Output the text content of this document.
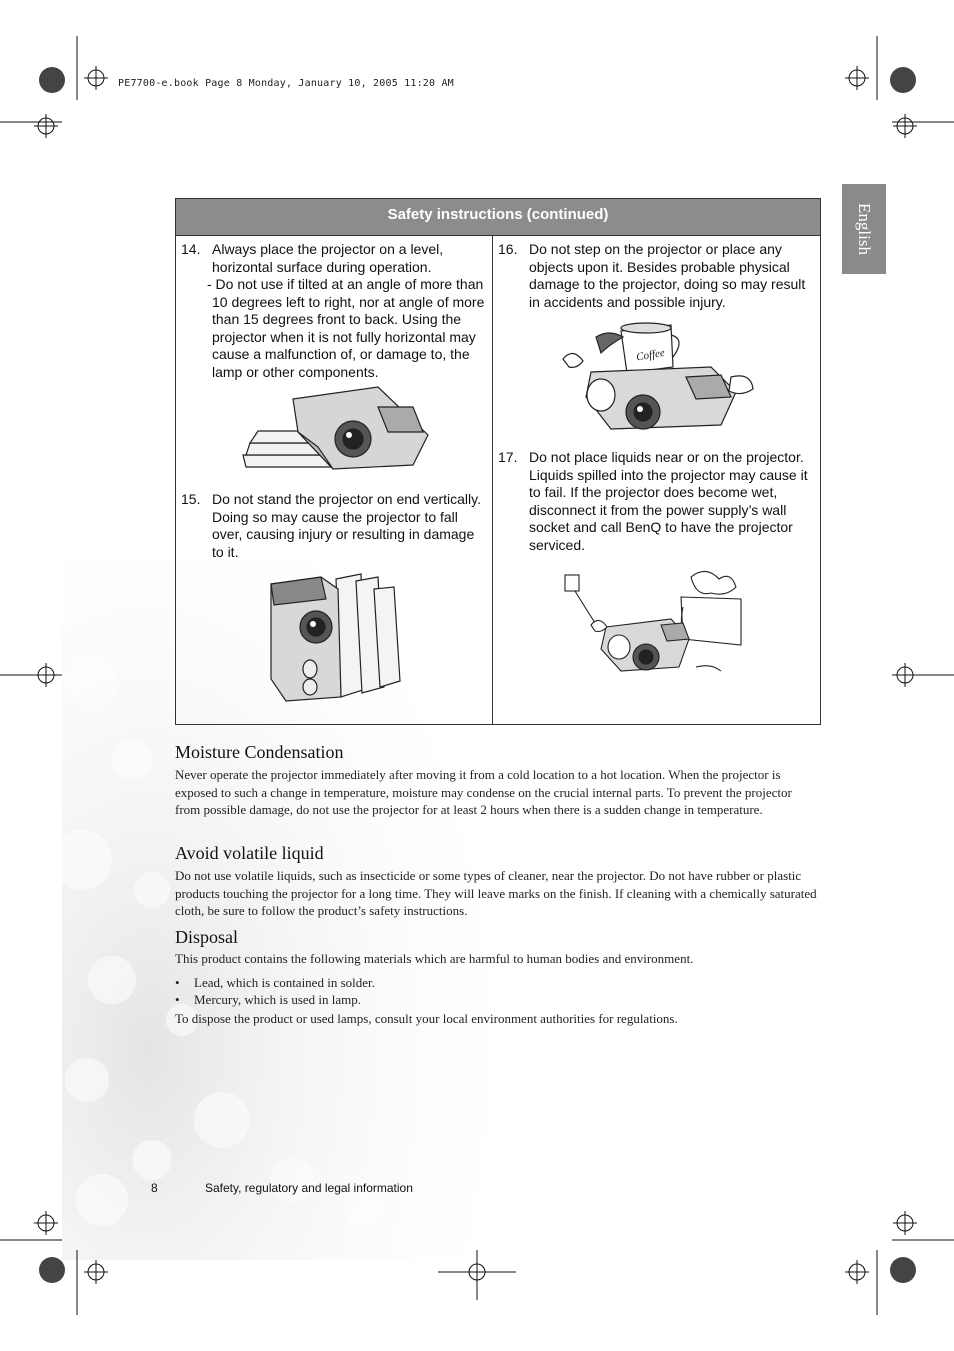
PE7700-e.book Page 8 Monday, January 10, 2005 11:20 AM
English
Safety instructions (continued)
14. Always place the projector on a level, horizontal surface during operation.
- Do not use if tilted at an angle of more than 10 degrees left to right, nor at angle of more than 15 degrees front to back. Using the projector when it is not fully horizontal may cause a malfunction of, or damage to, the lamp or other components.
15. Do not stand the projector on end vertically. Doing so may cause the projector to fall over, causing injury or resulting in damage to it.
16. Do not step on the projector or place any objects upon it. Besides probable physical damage to the projector, doing so may result in accidents and possible injury.
Coffee
17. Do not place liquids near or on the projector. Liquids spilled into the projector may cause it to fail. If the projector does become wet, disconnect it from the power supply’s wall socket and call BenQ to have the projector serviced.
Moisture Condensation

Never operate the projector immediately after moving it from a cold location to a hot location. When the projector is exposed to such a change in temperature, moisture may condense on the crucial internal parts. To prevent the projector from possible damage, do not use the projector for at least 2 hours when there is a sudden change in temperature.

Avoid volatile liquid

Do not use volatile liquids, such as insecticide or some types of cleaner, near the projector. Do not have rubber or plastic products touching the projector for a long time. They will leave marks on the finish. If cleaning with a chemically saturated cloth, be sure to follow the product’s safety instructions.

Disposal

This product contains the following materials which are harmful to human bodies and environment.

• Lead, which is contained in solder.
• Mercury, which is used in lamp.

To dispose the product or used lamps, consult your local environment authorities for regulations.

8	Safety, regulatory and legal information
